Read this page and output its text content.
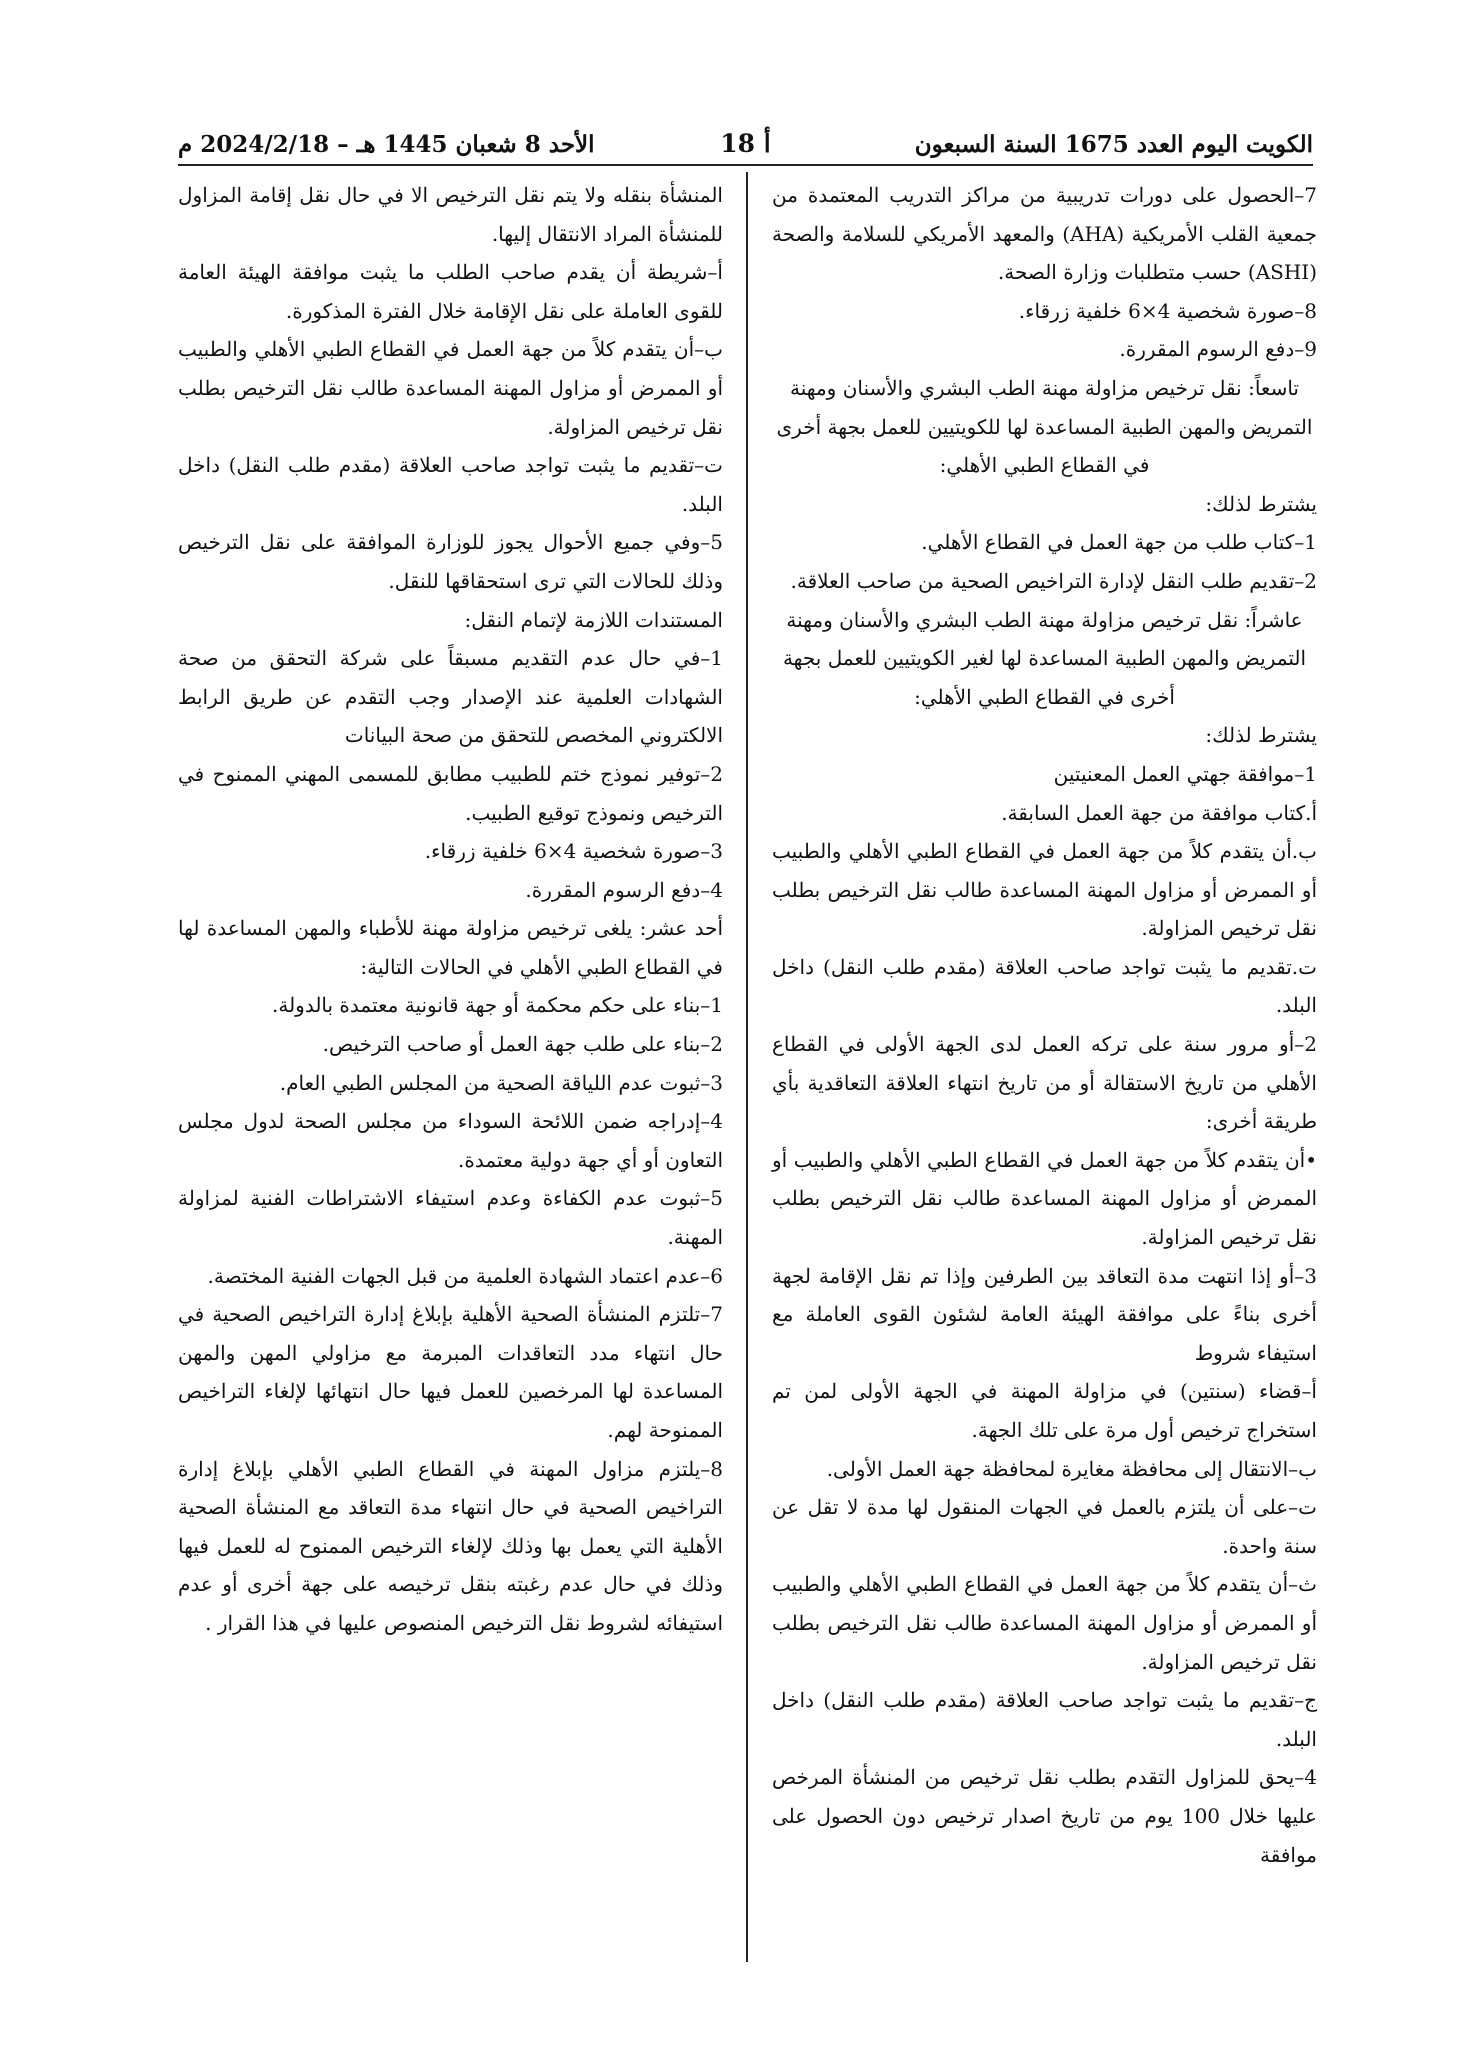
الكويت اليوم العدد 1675 السنة السبعون
أ 18
الأحد 8 شعبان 1445 هـ – 2024/2/18 م

7–الحصول على دورات تدريبية من مراكز التدريب المعتمدة من جمعية القلب الأمريكية (AHA) والمعهد الأمريكي للسلامة والصحة (ASHI) حسب متطلبات وزارة الصحة.

8–صورة شخصية 4×6 خلفية زرقاء.

9–دفع الرسوم المقررة.

تاسعاً: نقل ترخيص مزاولة مهنة الطب البشري والأسنان ومهنة التمريض والمهن الطبية المساعدة لها للكويتيين للعمل بجهة أخرى في القطاع الطبي الأهلي:

يشترط لذلك:

1–كتاب طلب من جهة العمل في القطاع الأهلي.

2–تقديم طلب النقل لإدارة التراخيص الصحية من صاحب العلاقة.

عاشراً: نقل ترخيص مزاولة مهنة الطب البشري والأسنان ومهنة التمريض والمهن الطبية المساعدة لها لغير الكويتيين للعمل بجهة أخرى في القطاع الطبي الأهلي:

يشترط لذلك:

1–موافقة جهتي العمل المعنيتين

أ.كتاب موافقة من جهة العمل السابقة.

ب.أن يتقدم كلاً من جهة العمل في القطاع الطبي الأهلي والطبيب أو الممرض أو مزاول المهنة المساعدة طالب نقل الترخيص بطلب نقل ترخيص المزاولة.

ت.تقديم ما يثبت تواجد صاحب العلاقة (مقدم طلب النقل) داخل البلد.

2–أو مرور سنة على تركه العمل لدى الجهة الأولى في القطاع الأهلي من تاريخ الاستقالة أو من تاريخ انتهاء العلاقة التعاقدية بأي طريقة أخرى:

•أن يتقدم كلاً من جهة العمل في القطاع الطبي الأهلي والطبيب أو الممرض أو مزاول المهنة المساعدة طالب نقل الترخيص بطلب نقل ترخيص المزاولة.

3–أو إذا انتهت مدة التعاقد بين الطرفين وإذا تم نقل الإقامة لجهة أخرى بناءً على موافقة الهيئة العامة لشئون القوى العاملة مع استيفاء شروط

أ–قضاء (سنتين) في مزاولة المهنة في الجهة الأولى لمن تم استخراج ترخيص أول مرة على تلك الجهة.

ب–الانتقال إلى محافظة مغايرة لمحافظة جهة العمل الأولى.

ت–على أن يلتزم بالعمل في الجهات المنقول لها مدة لا تقل عن سنة واحدة.

ث–أن يتقدم كلاً من جهة العمل في القطاع الطبي الأهلي والطبيب أو الممرض أو مزاول المهنة المساعدة طالب نقل الترخيص بطلب نقل ترخيص المزاولة.

ج–تقديم ما يثبت تواجد صاحب العلاقة (مقدم طلب النقل) داخل البلد.

4–يحق للمزاول التقدم بطلب نقل ترخيص من المنشأة المرخص عليها خلال 100 يوم من تاريخ اصدار ترخيص دون الحصول على موافقة

المنشأة بنقله ولا يتم نقل الترخيص الا في حال نقل إقامة المزاول للمنشأة المراد الانتقال إليها.

أ–شريطة أن يقدم صاحب الطلب ما يثبت موافقة الهيئة العامة للقوى العاملة على نقل الإقامة خلال الفترة المذكورة.

ب–أن يتقدم كلاً من جهة العمل في القطاع الطبي الأهلي والطبيب أو الممرض أو مزاول المهنة المساعدة طالب نقل الترخيص بطلب نقل ترخيص المزاولة.

ت–تقديم ما يثبت تواجد صاحب العلاقة (مقدم طلب النقل) داخل البلد.

5–وفي جميع الأحوال يجوز للوزارة الموافقة على نقل الترخيص وذلك للحالات التي ترى استحقاقها للنقل.

المستندات اللازمة لإتمام النقل:

1–في حال عدم التقديم مسبقاً على شركة التحقق من صحة الشهادات العلمية عند الإصدار وجب التقدم عن طريق الرابط الالكتروني المخصص للتحقق من صحة البيانات

2–توفير نموذج ختم للطبيب مطابق للمسمى المهني الممنوح في الترخيص ونموذج توقيع الطبيب.

3–صورة شخصية 4×6 خلفية زرقاء.

4–دفع الرسوم المقررة.

أحد عشر: يلغى ترخيص مزاولة مهنة للأطباء والمهن المساعدة لها في القطاع الطبي الأهلي في الحالات التالية:

1–بناء على حكم محكمة أو جهة قانونية معتمدة بالدولة.

2–بناء على طلب جهة العمل أو صاحب الترخيص.

3–ثبوت عدم اللياقة الصحية من المجلس الطبي العام.

4–إدراجه ضمن اللائحة السوداء من مجلس الصحة لدول مجلس التعاون أو أي جهة دولية معتمدة.

5–ثبوت عدم الكفاءة وعدم استيفاء الاشتراطات الفنية لمزاولة المهنة.

6–عدم اعتماد الشهادة العلمية من قبل الجهات الفنية المختصة.

7–تلتزم المنشأة الصحية الأهلية بإبلاغ إدارة التراخيص الصحية في حال انتهاء مدد التعاقدات المبرمة مع مزاولي المهن والمهن المساعدة لها المرخصين للعمل فيها حال انتهائها لإلغاء التراخيص الممنوحة لهم.

8–يلتزم مزاول المهنة في القطاع الطبي الأهلي بإبلاغ إدارة التراخيص الصحية في حال انتهاء مدة التعاقد مع المنشأة الصحية الأهلية التي يعمل بها وذلك لإلغاء الترخيص الممنوح له للعمل فيها وذلك في حال عدم رغبته بنقل ترخيصه على جهة أخرى أو عدم استيفائه لشروط نقل الترخيص المنصوص عليها في هذا القرار .
